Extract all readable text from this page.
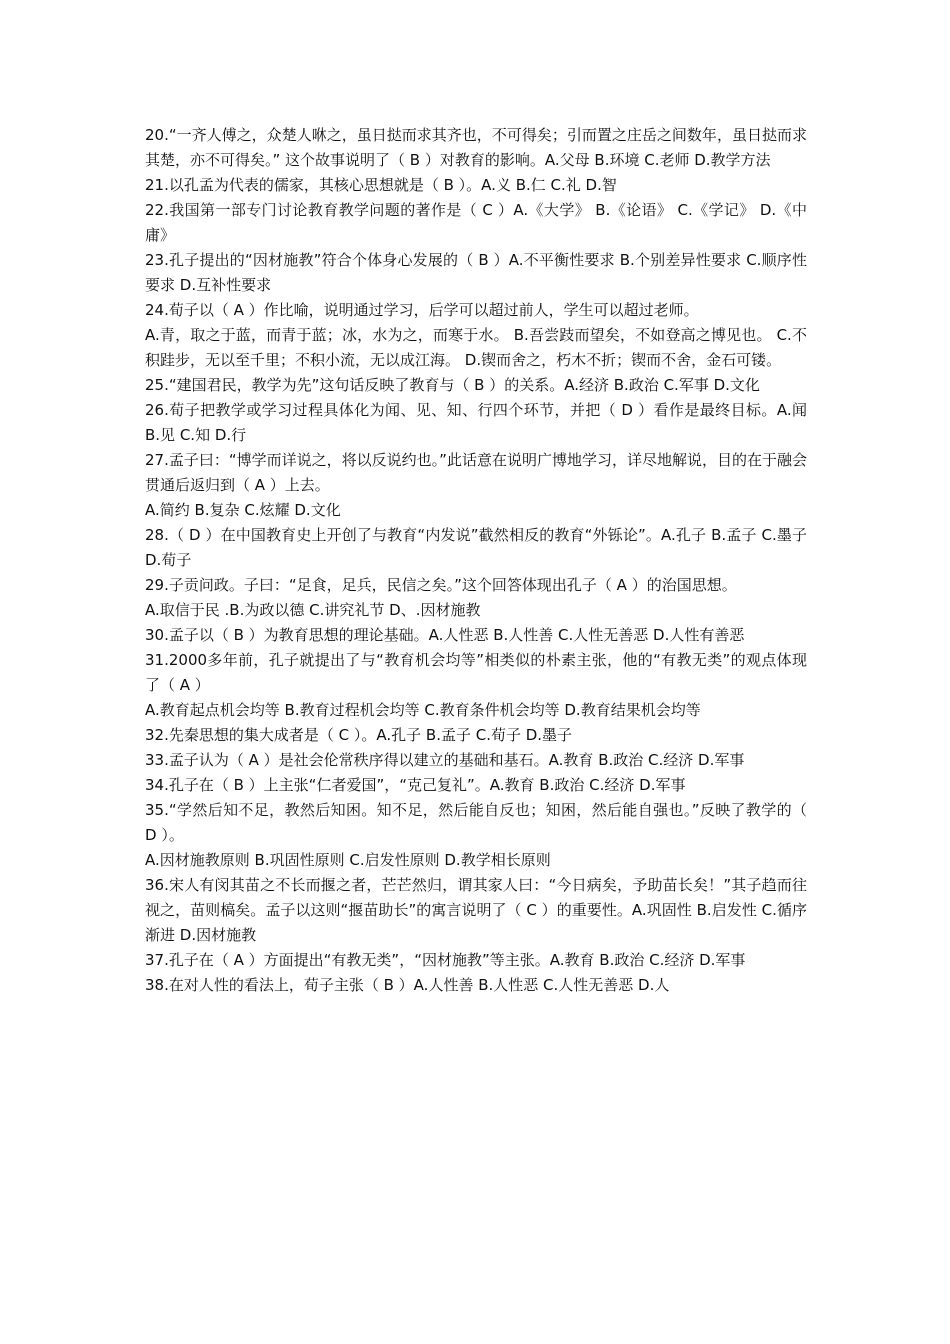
20.“一齐人傅之，众楚人咻之，虽日挞而求其齐也，不可得矣；引而置之庄岳之间数年，虽日挞而求其楚，亦不可得矣。” 这个故事说明了（ B ）对教育的影响。A.父母 B.环境 C.老师 D.教学方法

21.以孔孟为代表的儒家，其核心思想就是（ B ）。A.义 B.仁 C.礼 D.智

22.我国第一部专门讨论教育教学问题的著作是（ C ）A.《大学》 B.《论语》 C.《学记》 D.《中庸》

23.孔子提出的“因材施教”符合个体身心发展的（ B ）A.不平衡性要求 B.个别差异性要求 C.顺序性要求 D.互补性要求

24.荀子以（ A ）作比喻，说明通过学习，后学可以超过前人，学生可以超过老师。

A.青，取之于蓝，而青于蓝；冰，水为之，而寒于水。 B.吾尝跂而望矣，不如登高之博见也。 C.不积跬步，无以至千里；不积小流，无以成江海。 D.锲而舍之，朽木不折；锲而不舍，金石可镂。

25.“建国君民，教学为先”这句话反映了教育与（ B ）的关系。A.经济 B.政治 C.军事 D.文化

26.荀子把教学或学习过程具体化为闻、见、知、行四个环节，并把（ D ）看作是最终目标。A.闻 B.见 C.知 D.行

27.孟子曰：“博学而详说之，将以反说约也。”此话意在说明广博地学习，详尽地解说，目的在于融会贯通后返归到（ A ）上去。

A.简约 B.复杂 C.炫耀 D.文化

28.（ D ）在中国教育史上开创了与教育“内发说”截然相反的教育“外铄论”。A.孔子 B.孟子 C.墨子 D.荀子

29.子贡问政。子曰：“足食，足兵，民信之矣。”这个回答体现出孔子（ A ）的治国思想。

A.取信于民 .B.为政以德 C.讲究礼节 D、.因材施教

30.孟子以（ B ）为教育思想的理论基础。A.人性恶 B.人性善 C.人性无善恶 D.人性有善恶

31.2000多年前，孔子就提出了与“教育机会均等”相类似的朴素主张，他的“有教无类”的观点体现了（ A ）

A.教育起点机会均等 B.教育过程机会均等 C.教育条件机会均等 D.教育结果机会均等

32.先秦思想的集大成者是（ C ）。A.孔子 B.孟子 C.荀子 D.墨子

33.孟子认为（ A ）是社会伦常秩序得以建立的基础和基石。A.教育 B.政治 C.经济 D.军事

34.孔子在（ B ）上主张“仁者爱国”，“克己复礼”。A.教育 B.政治 C.经济 D.军事

35.“学然后知不足，教然后知困。知不足，然后能自反也；知困，然后能自强也。”反映了教学的（ D ）。

A.因材施教原则 B.巩固性原则 C.启发性原则 D.教学相长原则

36.宋人有闵其苗之不长而揠之者，芒芒然归，谓其家人曰：“今日病矣，予助苗长矣！”其子趋而往视之，苗则槁矣。孟子以这则“揠苗助长”的寓言说明了（ C ）的重要性。A.巩固性 B.启发性 C.循序渐进 D.因材施教

37.孔子在（ A ）方面提出“有教无类”，“因材施教”等主张。A.教育 B.政治 C.经济 D.军事

38.在对人性的看法上，荀子主张（ B ）A.人性善 B.人性恶 C.人性无善恶 D.人
